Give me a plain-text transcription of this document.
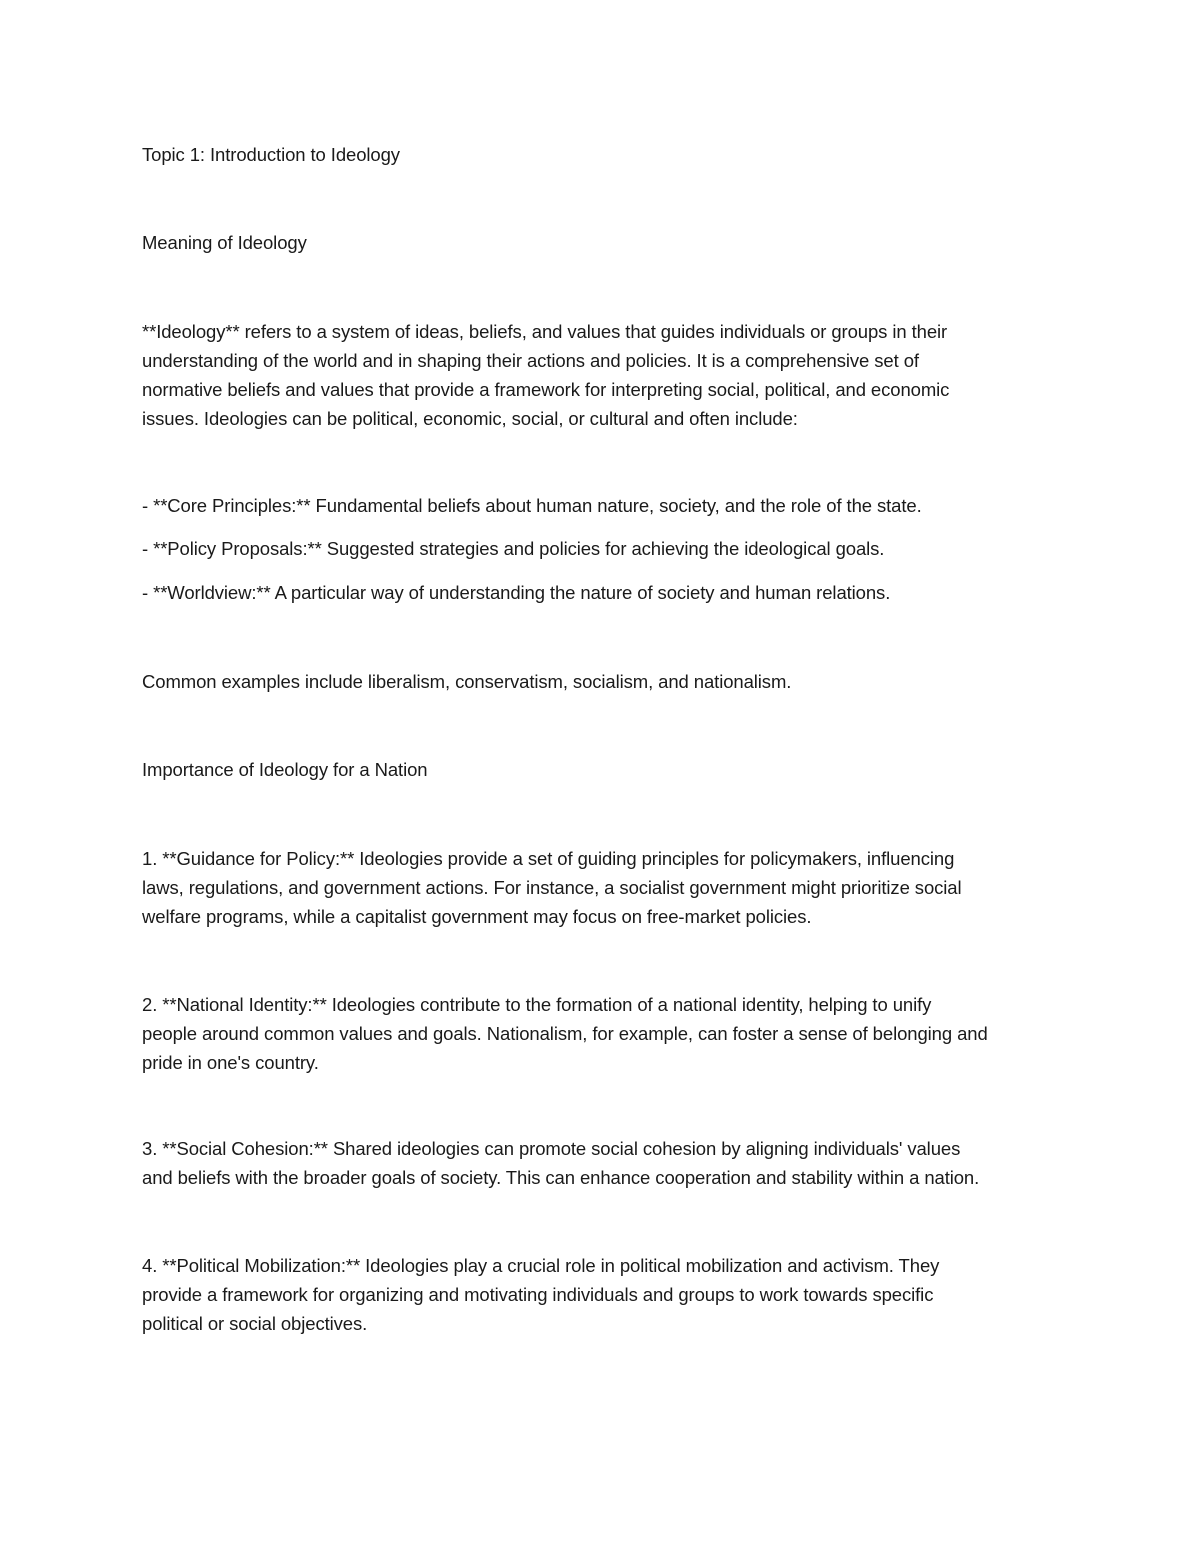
Topic 1: Introduction to Ideology
Meaning of Ideology
**Ideology** refers to a system of ideas, beliefs, and values that guides individuals or groups in their
understanding of the world and in shaping their actions and policies. It is a comprehensive set of
normative beliefs and values that provide a framework for interpreting social, political, and economic
issues. Ideologies can be political, economic, social, or cultural and often include:
- **Core Principles:** Fundamental beliefs about human nature, society, and the role of the state.
- **Policy Proposals:** Suggested strategies and policies for achieving the ideological goals.
- **Worldview:** A particular way of understanding the nature of society and human relations.
Common examples include liberalism, conservatism, socialism, and nationalism.
Importance of Ideology for a Nation
1. **Guidance for Policy:** Ideologies provide a set of guiding principles for policymakers, influencing
laws, regulations, and government actions. For instance, a socialist government might prioritize social
welfare programs, while a capitalist government may focus on free-market policies.
2. **National Identity:** Ideologies contribute to the formation of a national identity, helping to unify
people around common values and goals. Nationalism, for example, can foster a sense of belonging and
pride in one's country.
3. **Social Cohesion:** Shared ideologies can promote social cohesion by aligning individuals' values
and beliefs with the broader goals of society. This can enhance cooperation and stability within a nation.
4. **Political Mobilization:** Ideologies play a crucial role in political mobilization and activism. They
provide a framework for organizing and motivating individuals and groups to work towards specific
political or social objectives.
